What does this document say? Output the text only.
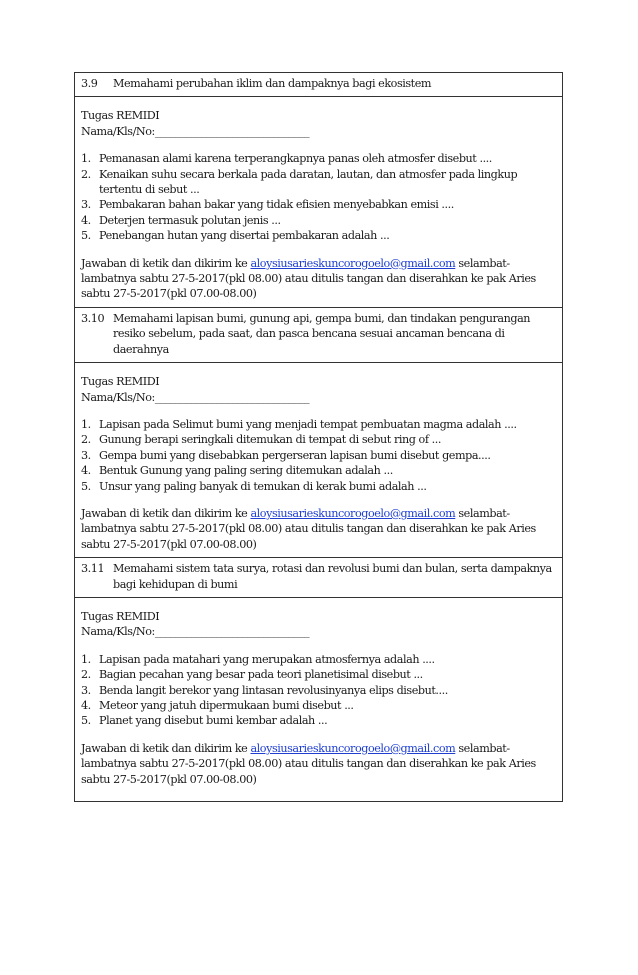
3.9	Memahami perubahan iklim dan dampaknya bagi ekosistem

Tugas REMIDI
Nama/Kls/No:______________________________
1. Pemanasan alami karena terperangkapnya panas oleh atmosfer disebut ....
2. Kenaikan suhu secara berkala pada daratan, lautan, dan atmosfer pada lingkup tertentu di sebut ...
3. Pembakaran bahan bakar yang tidak efisien menyebabkan emisi ....
4. Deterjen termasuk polutan jenis ...
5. Penebangan hutan yang disertai pembakaran adalah ...
Jawaban di ketik dan dikirim ke aloysiusarieskuncorogoelo@gmail.com selambat-lambatnya sabtu 27-5-2017(pkl 08.00) atau ditulis tangan dan diserahkan ke pak Aries sabtu 27-5-2017(pkl 07.00-08.00)

3.10 Memahami lapisan bumi, gunung api, gempa bumi, dan tindakan pengurangan resiko sebelum, pada saat, dan pasca bencana sesuai ancaman bencana di daerahnya

Tugas REMIDI
Nama/Kls/No:______________________________
1. Lapisan pada Selimut bumi yang menjadi tempat pembuatan magma adalah ....
2. Gunung berapi seringkali ditemukan di tempat di sebut ring of ...
3. Gempa bumi yang disebabkan pergerseran lapisan bumi disebut gempa....
4. Bentuk Gunung yang paling sering ditemukan adalah ...
5. Unsur yang paling banyak di temukan di kerak bumi adalah ...
Jawaban di ketik dan dikirim ke aloysiusarieskuncorogoelo@gmail.com selambat-lambatnya sabtu 27-5-2017(pkl 08.00) atau ditulis tangan dan diserahkan ke pak Aries sabtu 27-5-2017(pkl 07.00-08.00)

3.11 Memahami sistem tata surya, rotasi dan revolusi bumi dan bulan, serta dampaknya bagi kehidupan di bumi

Tugas REMIDI
Nama/Kls/No:______________________________
1. Lapisan pada matahari yang merupakan atmosfernya adalah ....
2. Bagian pecahan yang besar pada teori planetisimal disebut ...
3. Benda langit berekor yang lintasan revolusinyanya elips disebut....
4. Meteor yang jatuh dipermukaan bumi disebut ...
5. Planet yang disebut bumi kembar adalah ...
Jawaban di ketik dan dikirim ke aloysiusarieskuncorogoelo@gmail.com selambat-lambatnya sabtu 27-5-2017(pkl 08.00) atau ditulis tangan dan diserahkan ke pak Aries sabtu 27-5-2017(pkl 07.00-08.00)
